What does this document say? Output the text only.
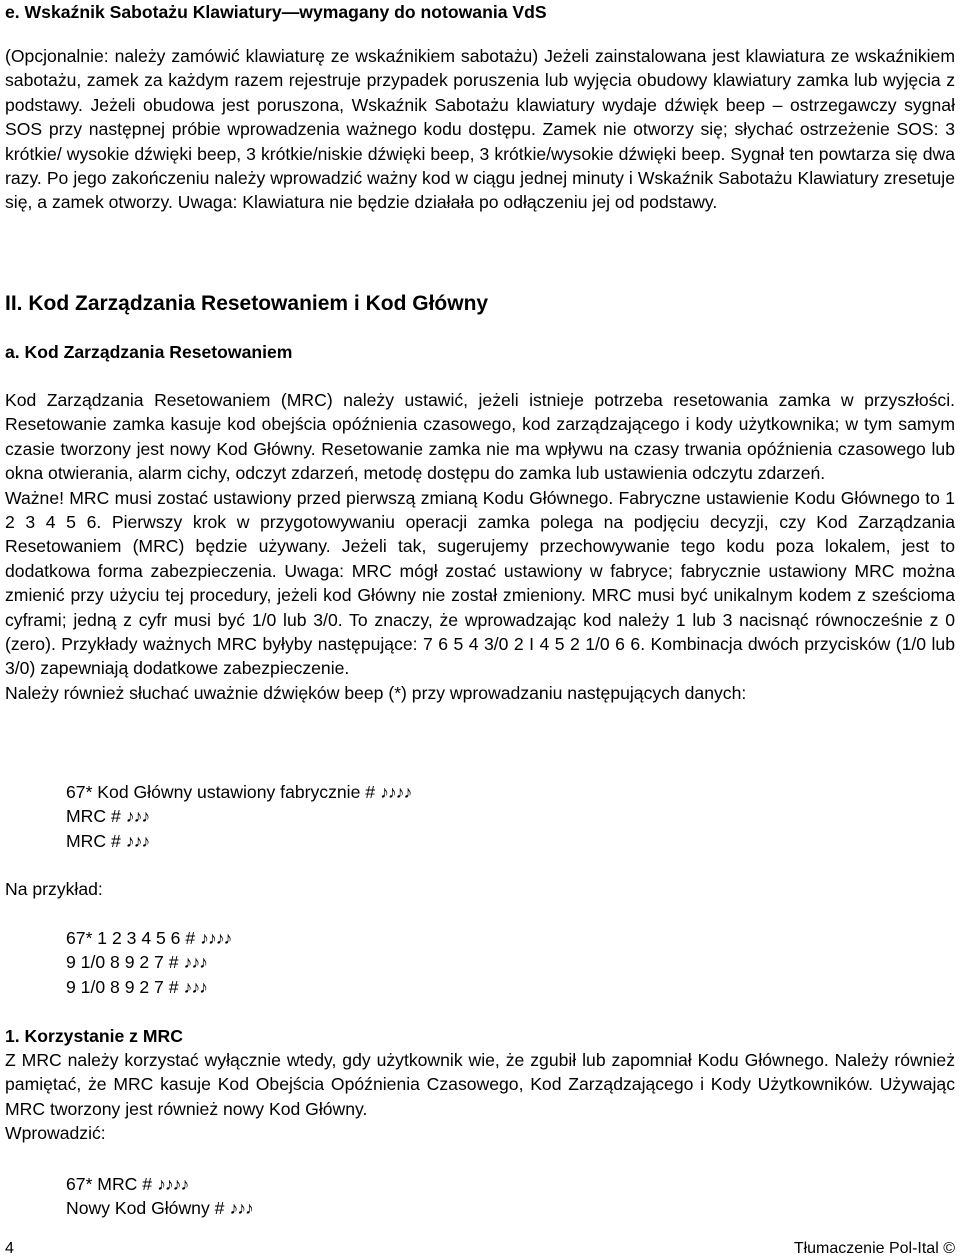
e. Wskaźnik Sabotażu Klawiatury—wymagany do notowania VdS

(Opcjonalnie: należy zamówić klawiaturę ze wskaźnikiem sabotażu) Jeżeli zainstalowana jest klawiatura ze wskaźnikiem sabotażu, zamek za każdym razem rejestruje przypadek poruszenia lub wyjęcia obudowy klawiatury zamka lub wyjęcia z podstawy. Jeżeli obudowa jest poruszona, Wskaźnik Sabotażu klawiatury wydaje dźwięk beep – ostrzegawczy sygnał SOS przy następnej próbie wprowadzenia ważnego kodu dostępu. Zamek nie otworzy się; słychać ostrzeżenie SOS: 3 krótkie/ wysokie dźwięki beep, 3 krótkie/niskie dźwięki beep, 3 krótkie/wysokie dźwięki beep. Sygnał ten powtarza się dwa razy. Po jego zakończeniu należy wprowadzić ważny kod w ciągu jednej minuty i Wskaźnik Sabotażu Klawiatury zresetuje się, a zamek otworzy. Uwaga: Klawiatura nie będzie działała po odłączeniu jej od podstawy.

II. Kod Zarządzania Resetowaniem i Kod Główny
a. Kod Zarządzania Resetowaniem

Kod Zarządzania Resetowaniem (MRC) należy ustawić, jeżeli istnieje potrzeba resetowania zamka w przyszłości. Resetowanie zamka kasuje kod obejścia opóźnienia czasowego, kod zarządzającego i kody użytkownika; w tym samym czasie tworzony jest nowy Kod Główny. Resetowanie zamka nie ma wpływu na czasy trwania opóźnienia czasowego lub okna otwierania, alarm cichy, odczyt zdarzeń, metodę dostępu do zamka lub ustawienia odczytu zdarzeń.

Ważne! MRC musi zostać ustawiony przed pierwszą zmianą Kodu Głównego. Fabryczne ustawienie Kodu Głównego to 1 2 3 4 5 6. Pierwszy krok w przygotowywaniu operacji zamka polega na podjęciu decyzji, czy Kod Zarządzania Resetowaniem (MRC) będzie używany. Jeżeli tak, sugerujemy przechowywanie tego kodu poza lokalem, jest to dodatkowa forma zabezpieczenia. Uwaga: MRC mógł zostać ustawiony w fabryce; fabrycznie ustawiony MRC można zmienić przy użyciu tej procedury, jeżeli kod Główny nie został zmieniony. MRC musi być unikalnym kodem z sześcioma cyframi; jedną z cyfr musi być 1/0 lub 3/0. To znaczy, że wprowadzając kod należy 1 lub 3 nacisnąć równocześnie z 0 (zero). Przykłady ważnych MRC byłyby następujące: 7 6 5 4 3/0 2 I 4 5 2 1/0 6 6. Kombinacja dwóch przycisków (1/0 lub 3/0) zapewniają dodatkowe zabezpieczenie.

Należy również słuchać uważnie dźwięków beep (*) przy wprowadzaniu następujących danych:

67* Kod Główny ustawiony fabrycznie # ♪♪♪♪
MRC # ♪♪♪
MRC # ♪♪♪
Na przykład:
67* 1 2 3 4 5 6 # ♪♪♪♪
9 1/0 8 9 2 7 # ♪♪♪
9 1/0 8 9 2 7 # ♪♪♪
1. Korzystanie z MRC

Z MRC należy korzystać wyłącznie wtedy, gdy użytkownik wie, że zgubił lub zapomniał Kodu Głównego. Należy również pamiętać, że MRC kasuje Kod Obejścia Opóźnienia Czasowego, Kod Zarządzającego i Kody Użytkowników. Używając MRC tworzony jest również nowy Kod Główny.

Wprowadzić:

67* MRC # ♪♪♪♪
Nowy Kod Główny # ♪♪♪
4	Tłumaczenie Pol-Ital ©
